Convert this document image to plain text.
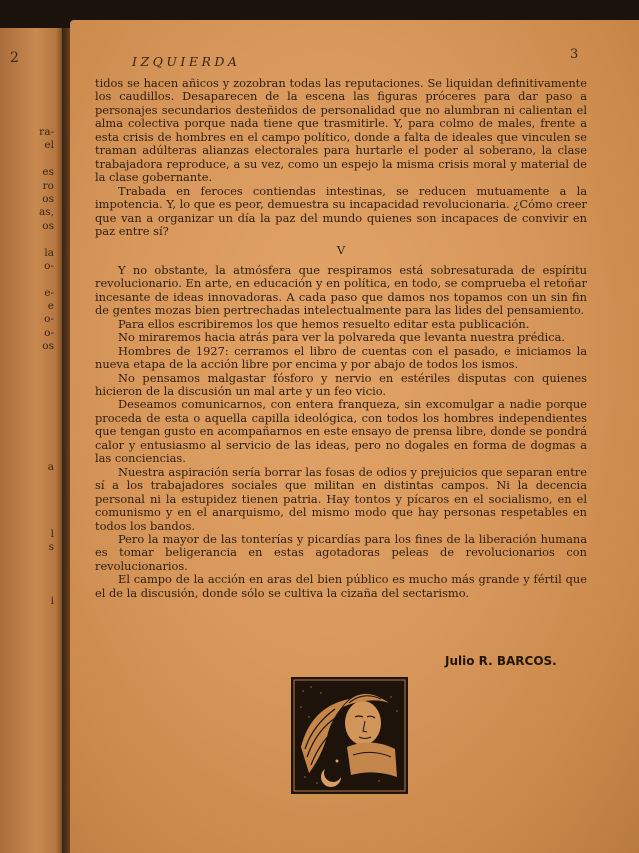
2
ra-
el
es
ro
os
as,
os
la
o-
e-
e
o-
o-
os
a
l
s
i
IZQUIERDA	3

tidos se hacen añicos y zozobran todas las reputaciones. Se liquidan definitivamente los caudillos. Desaparecen de la escena las figuras próceres para dar paso a personajes secundarios desteñidos de personalidad que no alumbran ni calientan el alma colectiva porque nada tiene que trasmitirle. Y, para colmo de males, frente a esta crisis de hombres en el campo político, donde a falta de ideales que vinculen se traman adúlteras alianzas electorales para hurtarle el poder al soberano, la clase trabajadora reproduce, a su vez, como un espejo la misma crisis moral y material de la clase gobernante.

Trabada en feroces contiendas intestinas, se reducen mutuamente a la impotencia. Y, lo que es peor, demuestra su incapacidad revolucionaria. ¿Cómo creer que van a organizar un día la paz del mundo quienes son incapaces de convivir en paz entre sí?

V

Y no obstante, la atmósfera que respiramos está sobresaturada de espíritu revolucionario. En arte, en educación y en política, en todo, se comprueba el retoñar incesante de ideas innovadoras. A cada paso que damos nos topamos con un sin fin de gentes mozas bien pertrechadas intelectualmente para las lides del pensamiento.

Para ellos escribiremos los que hemos resuelto editar esta publicación.

No miraremos hacia atrás para ver la polvareda que levanta nuestra prédica.

Hombres de 1927: cerramos el libro de cuentas con el pasado, e iniciamos la nueva etapa de la acción libre por encima y por abajo de todos los ismos.

No pensamos malgastar fósforo y nervio en estériles disputas con quienes hicieron de la discusión un mal arte y un feo vicio.

Deseamos comunicarnos, con entera franqueza, sin excomulgar a nadie porque proceda de esta o aquella capilla ideológica, con todos los hombres independientes que tengan gusto en acompañarnos en este ensayo de prensa libre, donde se pondrá calor y entusiasmo al servicio de las ideas, pero no dogales en forma de dogmas a las conciencias.

Nuestra aspiración sería borrar las fosas de odios y prejuicios que separan entre sí a los trabajadores sociales que militan en distintas campos. Ni la decencia personal ni la estupidez tienen patria. Hay tontos y pícaros en el socialismo, en el comunismo y en el anarquismo, del mismo modo que hay personas respetables en todos los bandos.

Pero la mayor de las tonterías y picardías para los fines de la liberación humana es tomar beligerancia en estas agotadoras peleas de revolucionarios con revolucionarios.

El campo de la acción en aras del bien público es mucho más grande y fértil que el de la discusión, donde sólo se cultiva la cizaña del sectarismo.

Julio R. BARCOS.
